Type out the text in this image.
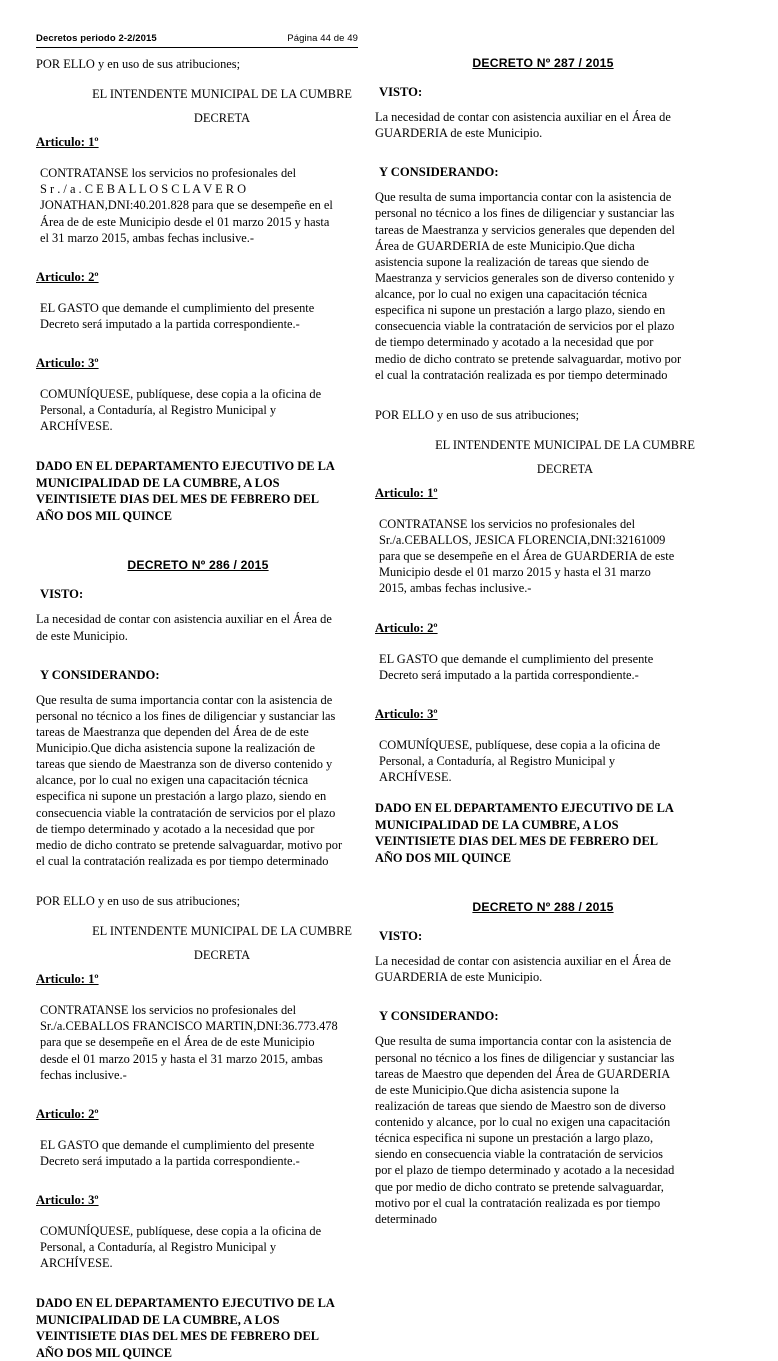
Decretos periodo 2-2/2015	Página 44 de 49
POR ELLO y en uso de sus atribuciones;
EL INTENDENTE MUNICIPAL DE LA CUMBRE
DECRETA
Articulo: 1º
CONTRATANSE los servicios no profesionales del
S r . / a . C E B A L L O S C L A V E R O
JONATHAN,DNI:40.201.828 para que se desempeñe en el
Área de de este Municipio desde el 01 marzo 2015 y hasta
el 31 marzo 2015, ambas fechas inclusive.-
Articulo: 2º
EL GASTO que demande el cumplimiento del presente
Decreto será imputado a la partida correspondiente.-
Articulo: 3º
COMUNÍQUESE, publíquese, dese copia a la oficina de
Personal, a Contaduría, al Registro Municipal y
ARCHÍVESE.
DADO EN EL DEPARTAMENTO EJECUTIVO DE LA
MUNICIPALIDAD DE LA CUMBRE, A LOS
VEINTISIETE DIAS DEL MES DE FEBRERO DEL
AÑO DOS MIL QUINCE
DECRETO Nº 286 / 2015
VISTO:
La necesidad de contar con asistencia auxiliar en el Área de
de este Municipio.
Y CONSIDERANDO:
Que resulta de suma importancia contar con la asistencia de
personal no técnico a los fines de diligenciar y sustanciar las
tareas de Maestranza que dependen del Área de de este
Municipio.Que dicha asistencia supone la realización de
tareas que siendo de Maestranza son de diverso contenido y
alcance, por lo cual no exigen una capacitación técnica
especifica ni supone un prestación a largo plazo, siendo en
consecuencia viable la contratación de servicios por el plazo
de tiempo determinado y acotado a la necesidad que por
medio de dicho contrato se pretende salvaguardar, motivo por
el cual la contratación realizada es por tiempo determinado
POR ELLO y en uso de sus atribuciones;
EL INTENDENTE MUNICIPAL DE LA CUMBRE
DECRETA
Articulo: 1º
CONTRATANSE los servicios no profesionales del
Sr./a.CEBALLOS FRANCISCO MARTIN,DNI:36.773.478
para que se desempeñe en el Área de de este Municipio
desde el 01 marzo 2015 y hasta el 31 marzo 2015, ambas
fechas inclusive.-
Articulo: 2º
EL GASTO que demande el cumplimiento del presente
Decreto será imputado a la partida correspondiente.-
Articulo: 3º
COMUNÍQUESE, publíquese, dese copia a la oficina de
Personal, a Contaduría, al Registro Municipal y
ARCHÍVESE.
DADO EN EL DEPARTAMENTO EJECUTIVO DE LA
MUNICIPALIDAD DE LA CUMBRE, A LOS
VEINTISIETE DIAS DEL MES DE FEBRERO DEL
AÑO DOS MIL QUINCE
DECRETO Nº 287 / 2015
VISTO:
La necesidad de contar con asistencia auxiliar en el Área de
GUARDERIA de este Municipio.
Y CONSIDERANDO:
Que resulta de suma importancia contar con la asistencia de
personal no técnico a los fines de diligenciar y sustanciar las
tareas de Maestranza y servicios generales que dependen del
Área de GUARDERIA de este Municipio.Que dicha
asistencia supone la realización de tareas que siendo de
Maestranza y servicios generales son de diverso contenido y
alcance, por lo cual no exigen una capacitación técnica
especifica ni supone un prestación a largo plazo, siendo en
consecuencia viable la contratación de servicios por el plazo
de tiempo determinado y acotado a la necesidad que por
medio de dicho contrato se pretende salvaguardar, motivo por
el cual la contratación realizada es por tiempo determinado
POR ELLO y en uso de sus atribuciones;
EL INTENDENTE MUNICIPAL DE LA CUMBRE
DECRETA
Articulo: 1º
CONTRATANSE los servicios no profesionales del
Sr./a.CEBALLOS, JESICA FLORENCIA,DNI:32161009
para que se desempeñe en el Área de GUARDERIA de este
Municipio desde el 01 marzo 2015 y hasta el 31 marzo
2015, ambas fechas inclusive.-
Articulo: 2º
EL GASTO que demande el cumplimiento del presente
Decreto será imputado a la partida correspondiente.-
Articulo: 3º
COMUNÍQUESE, publíquese, dese copia a la oficina de
Personal, a Contaduría, al Registro Municipal y
ARCHÍVESE.
DADO EN EL DEPARTAMENTO EJECUTIVO DE LA
MUNICIPALIDAD DE LA CUMBRE, A LOS
VEINTISIETE DIAS DEL MES DE FEBRERO DEL
AÑO DOS MIL QUINCE
DECRETO Nº 288 / 2015
VISTO:
La necesidad de contar con asistencia auxiliar en el Área de
GUARDERIA de este Municipio.
Y CONSIDERANDO:
Que resulta de suma importancia contar con la asistencia de
personal no técnico a los fines de diligenciar y sustanciar las
tareas de Maestro que dependen del Área de GUARDERIA
de este Municipio.Que dicha asistencia supone la
realización de tareas que siendo de Maestro son de diverso
contenido y alcance, por lo cual no exigen una capacitación
técnica especifica ni supone un prestación a largo plazo,
siendo en consecuencia viable la contratación de servicios
por el plazo de tiempo determinado y acotado a la necesidad
que por medio de dicho contrato se pretende salvaguardar,
motivo por el cual la contratación realizada es por tiempo
determinado
